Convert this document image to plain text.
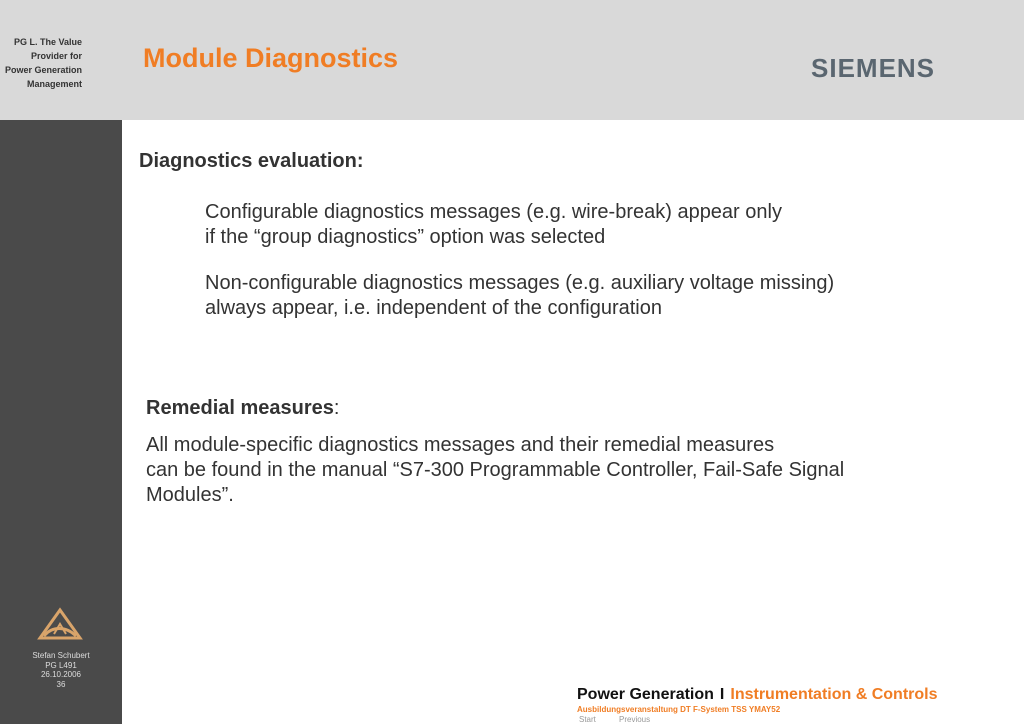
PG L. The Value
Provider for
Power Generation
Management
Module Diagnostics	SIEMENS
Stefan Schubert
PG L491
26.10.2006
36
Diagnostics evaluation:
Configurable diagnostics messages (e.g. wire-break) appear only
if the “group diagnostics” option was selected
Non-configurable diagnostics messages (e.g. auxiliary voltage missing)
always appear, i.e. independent of the configuration
Remedial measures:
All module-specific diagnostics messages and their remedial measures
can be found in the manual “S7-300 Programmable Controller, Fail-Safe Signal
Modules”.
Power Generation I Instrumentation & Controls
Ausbildungsveranstaltung DT F-System TSS YMAY52
Start	Previous
